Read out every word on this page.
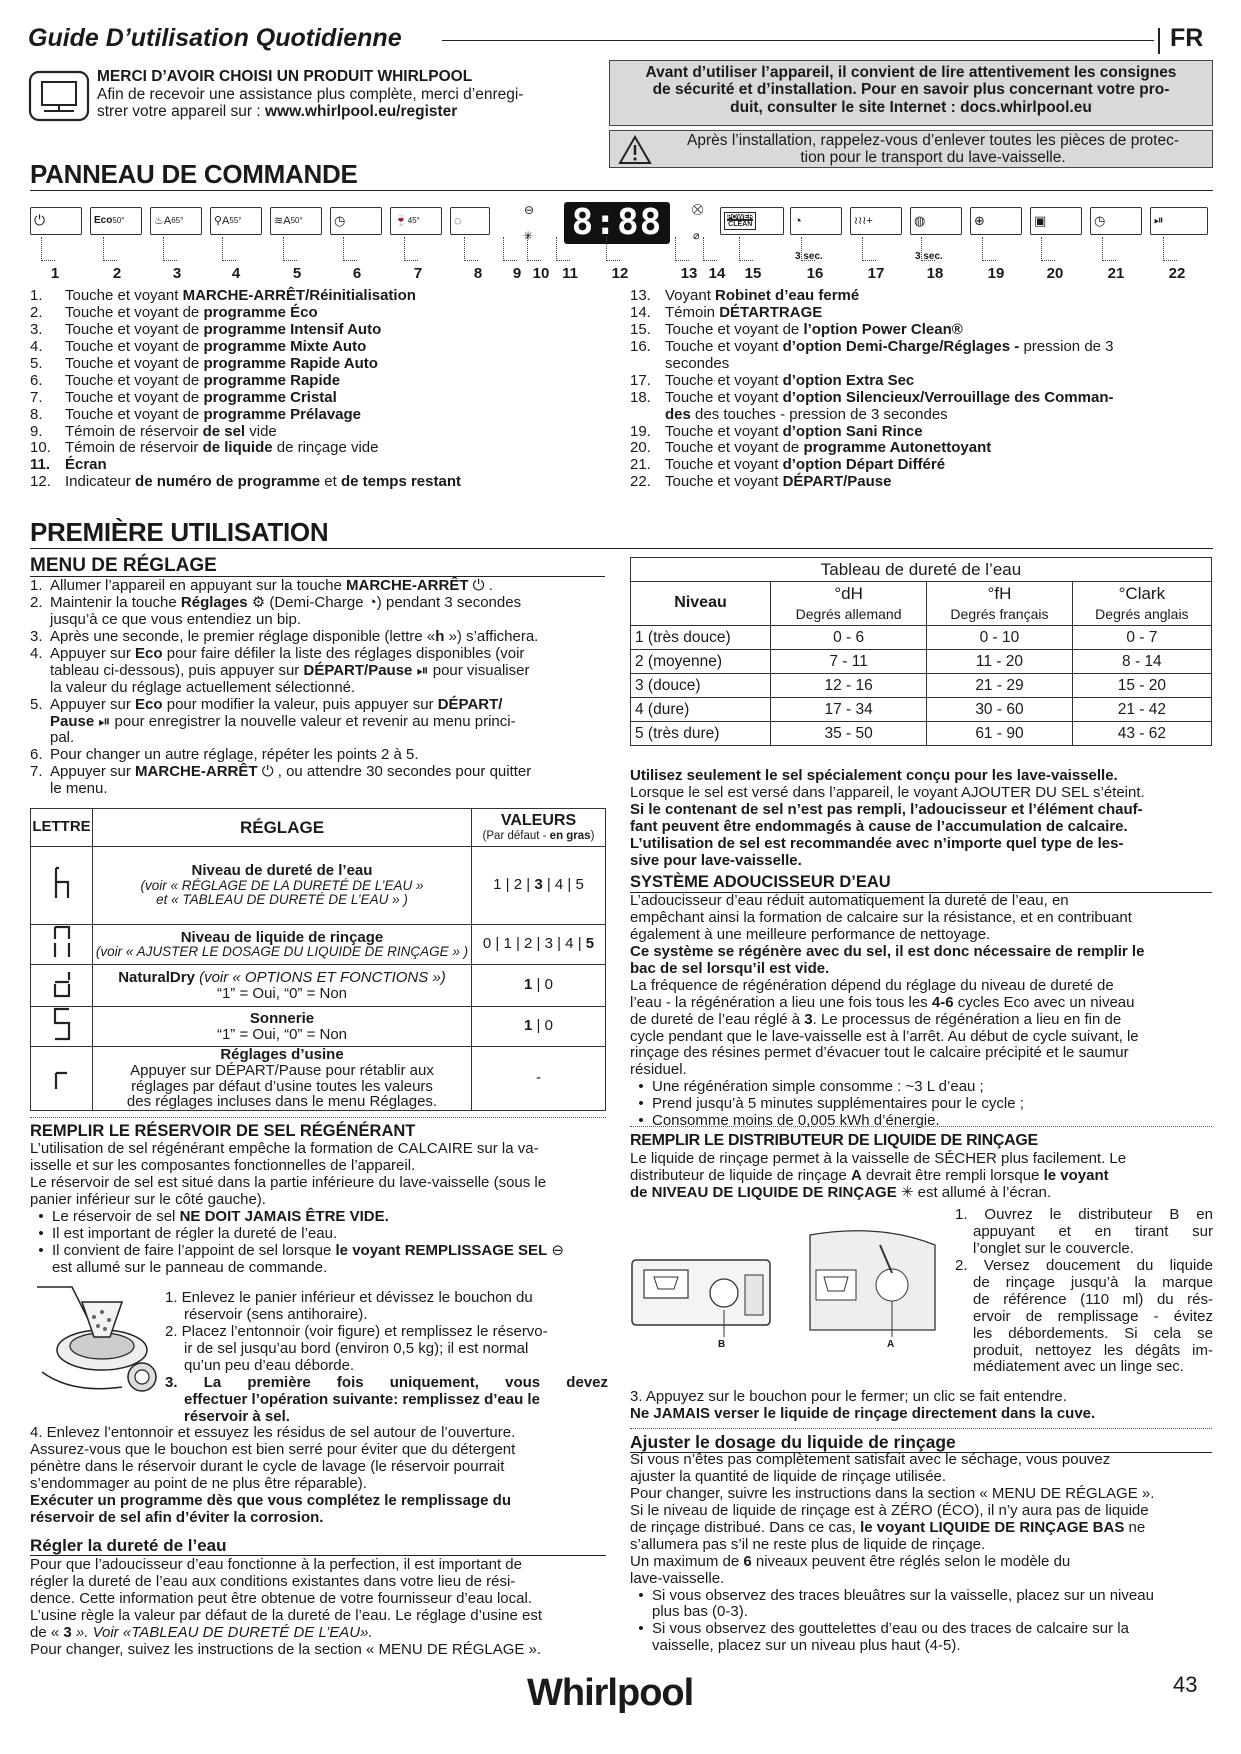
Guide D’utilisation Quotidienne	FR
MERCI D’AVOIR CHOISI UN PRODUIT WHIRLPOOL
Afin de recevoir une assistance plus complète, merci d’enregi-
strer votre appareil sur : www.whirlpool.eu/register
Avant d’utiliser l’appareil, il convient de lire attentivement les consignes
de sécurité et d’installation. Pour en savoir plus concernant votre pro-
duit, consulter le site Internet : docs.whirlpool.eu
Après l’installation, rappelez-vous d’enlever toutes les pièces de protec-
tion pour le transport du lave-vaisselle.
PANNEAU DE COMMANDE
⏻	Eco 50°	♨A 65°	⚲A 55°	≋A 50° ◷	🍷 45°	◌
⊖
✳ 8:88	⛒
⌀
POWER
CLEAN	◔	≀≀≀+	◍	⊕	▣	◷	⏯
3 sec.	3 sec.
1	2	3	4	5	6	7	8	9 10 11 12	13 14 15	16	17	18	19	20	21	22
1.	Touche et voyant MARCHE-ARRÊT/Réinitialisation
2.	Touche et voyant de programme Éco
3.	Touche et voyant de programme Intensif Auto
4.	Touche et voyant de programme Mixte Auto
5.	Touche et voyant de programme Rapide Auto
6.	Touche et voyant de programme Rapide
7.	Touche et voyant de programme Cristal
8.	Touche et voyant de programme Prélavage
9.	Témoin de réservoir de sel vide
10. Témoin de réservoir de liquide de rinçage vide
11. Écran
12. Indicateur de numéro de programme et de temps restant
13. Voyant Robinet d’eau fermé
14. Témoin DÉTARTRAGE
15. Touche et voyant de l’option Power Clean®
16. Touche et voyant d’option Demi-Charge/Réglages - pression de 3
secondes
17. Touche et voyant d’option Extra Sec
18. Touche et voyant d’option Silencieux/Verrouillage des Comman-
des des touches - pression de 3 secondes
19. Touche et voyant d’option Sani Rince
20. Touche et voyant de programme Autonettoyant
21. Touche et voyant d’option Départ Différé
22. Touche et voyant DÉPART/Pause
PREMIÈRE UTILISATION
MENU DE RÉGLAGE
1. Allumer l’appareil en appuyant sur la touche MARCHE-ARRÊT ⏻ .
2. Maintenir la touche Réglages ⚙ (Demi-Charge ◔) pendant 3 secondes
jusqu’à ce que vous entendiez un bip.
3. Après une seconde, le premier réglage disponible (lettre «h ») s’affichera.
4. Appuyer sur Eco pour faire défiler la liste des réglages disponibles (voir
tableau ci-dessous), puis appuyer sur DÉPART/Pause ⏯ pour visualiser
la valeur du réglage actuellement sélectionné.
5. Appuyer sur Eco pour modifier la valeur, puis appuyer sur DÉPART/
Pause ⏯ pour enregistrer la nouvelle valeur et revenir au menu princi-
pal.
6. Pour changer un autre réglage, répéter les points 2 à 5.
7. Appuyer sur MARCHE-ARRÊT ⏻ , ou attendre 30 secondes pour quitter
le menu.
LETTRE	RÉGLAGE	VALEURS
(Par défaut - en gras)

Niveau de dureté de l’eau
(voir « RÉGLAGE DE LA DURETÉ DE L’EAU »
et « TABLEAU DE DURETÉ DE L’EAU » )	1 | 2 | 3 | 4 | 5

Niveau de liquide de rinçage
(voir « AJUSTER LE DOSAGE DU LIQUIDE DE RINÇAGE » )	0 | 1 | 2 | 3 | 4 | 5

NaturalDry (voir « OPTIONS ET FONCTIONS »)
“1” = Oui, “0” = Non	1 | 0

Sonnerie
“1” = Oui, “0” = Non	1 | 0

Réglages d’usine
Appuyer sur DÉPART/Pause pour rétablir aux
réglages par défaut d’usine toutes les valeurs
des réglages incluses dans le menu Réglages.	-
REMPLIR LE RÉSERVOIR DE SEL RÉGÉNÉRANT
L’utilisation de sel régénérant empêche la formation de CALCAIRE sur la va-
isselle et sur les composantes fonctionnelles de l’appareil.
Le réservoir de sel est situé dans la partie inférieure du lave-vaisselle (sous le
panier inférieur sur le côté gauche).
• Le réservoir de sel NE DOIT JAMAIS ÊTRE VIDE.
• Il est important de régler la dureté de l’eau.
• Il convient de faire l’appoint de sel lorsque le voyant REMPLISSAGE SEL ⊖
est allumé sur le panneau de commande.
1. Enlevez le panier inférieur et dévissez le bouchon du
réservoir (sens antihoraire).
2. Placez l’entonnoir (voir figure) et remplissez le réservo-
ir de sel jusqu’au bord (environ 0,5 kg); il est normal
qu’un peu d’eau déborde.
3. La première fois uniquement, vous devez
effectuer l’opération suivante: remplissez d’eau le
réservoir à sel.
4. Enlevez l’entonnoir et essuyez les résidus de sel autour de l’ouverture.
Assurez-vous que le bouchon est bien serré pour éviter que du détergent
pénètre dans le réservoir durant le cycle de lavage (le réservoir pourrait
s’endommager au point de ne plus être réparable).
Exécuter un programme dès que vous complétez le remplissage du
réservoir de sel afin d’éviter la corrosion.
Régler la dureté de l’eau
Pour que l’adoucisseur d’eau fonctionne à la perfection, il est important de
régler la dureté de l’eau aux conditions existantes dans votre lieu de rési-
dence. Cette information peut être obtenue de votre fournisseur d’eau local.
L’usine règle la valeur par défaut de la dureté de l’eau. Le réglage d’usine est
de « 3 ». Voir «TABLEAU DE DURETÉ DE L’EAU».
Pour changer, suivez les instructions de la section « MENU DE RÉGLAGE ».
Tableau de dureté de l’eau			
Niveau	°dH	°fH	°Clark
	Degrés allemand	Degrés français	Degrés anglais
1 (très douce)	0 - 6	0 - 10	0 - 7
2 (moyenne)	7 - 11	11 - 20	8 - 14
3 (douce)	12 - 16	21 - 29	15 - 20
4 (dure)	17 - 34	30 - 60	21 - 42
5 (très dure)	35 - 50	61 - 90	43 - 62
Utilisez seulement le sel spécialement conçu pour les lave-vaisselle.
Lorsque le sel est versé dans l’appareil, le voyant AJOUTER DU SEL s’éteint.
Si le contenant de sel n’est pas rempli, l’adoucisseur et l’élément chauf-
fant peuvent être endommagés à cause de l’accumulation de calcaire.
L’utilisation de sel est recommandée avec n’importe quel type de les-
sive pour lave-vaisselle.
SYSTÈME ADOUCISSEUR D’EAU
L’adoucisseur d’eau réduit automatiquement la dureté de l’eau, en
empêchant ainsi la formation de calcaire sur la résistance, et en contribuant
également à une meilleure performance de nettoyage.
Ce système se régénère avec du sel, il est donc nécessaire de remplir le
bac de sel lorsqu’il est vide.
La fréquence de régénération dépend du réglage du niveau de dureté de
l’eau - la régénération a lieu une fois tous les 4-6 cycles Eco avec un niveau
de dureté de l’eau réglé à 3. Le processus de régénération a lieu en fin de
cycle pendant que le lave-vaisselle est à l’arrêt. Au début de cycle suivant, le
rinçage des résines permet d’évacuer tout le calcaire précipité et le saumur
résiduel.
• Une régénération simple consomme : ~3 L d’eau ;
• Prend jusqu’à 5 minutes supplémentaires pour le cycle ;
• Consomme moins de 0,005 kWh d’énergie.
REMPLIR LE DISTRIBUTEUR DE LIQUIDE DE RINÇAGE
Le liquide de rinçage permet à la vaisselle de SÉCHER plus facilement. Le
distributeur de liquide de rinçage A devrait être rempli lorsque le voyant
de NIVEAU DE LIQUIDE DE RINÇAGE ✳ est allumé à l’écran.
B	A
1. Ouvrez le distributeur B en
appuyant et en tirant sur
l’onglet sur le couvercle.
2. Versez doucement du liquide
de rinçage jusqu’à la marque
de référence (110 ml) du rés-
ervoir de remplissage - évitez
les débordements. Si cela se
produit, nettoyez les dégâts im-
médiatement avec un linge sec.
3. Appuyez sur le bouchon pour le fermer; un clic se fait entendre.
Ne JAMAIS verser le liquide de rinçage directement dans la cuve.
Ajuster le dosage du liquide de rinçage
Si vous n’êtes pas complètement satisfait avec le séchage, vous pouvez
ajuster la quantité de liquide de rinçage utilisée.
Pour changer, suivre les instructions dans la section « MENU DE RÉGLAGE ».
Si le niveau de liquide de rinçage est à ZÉRO (ÉCO), il n’y aura pas de liquide
de rinçage distribué. Dans ce cas, le voyant LIQUIDE DE RINÇAGE BAS ne
s’allumera pas s’il ne reste plus de liquide de rinçage.
Un maximum de 6 niveaux peuvent être réglés selon le modèle du
lave-vaisselle.
• Si vous observez des traces bleuâtres sur la vaisselle, placez sur un niveau
plus bas (0-3).
• Si vous observez des gouttelettes d’eau ou des traces de calcaire sur la
vaisselle, placez sur un niveau plus haut (4-5).
Whirlpool	43
